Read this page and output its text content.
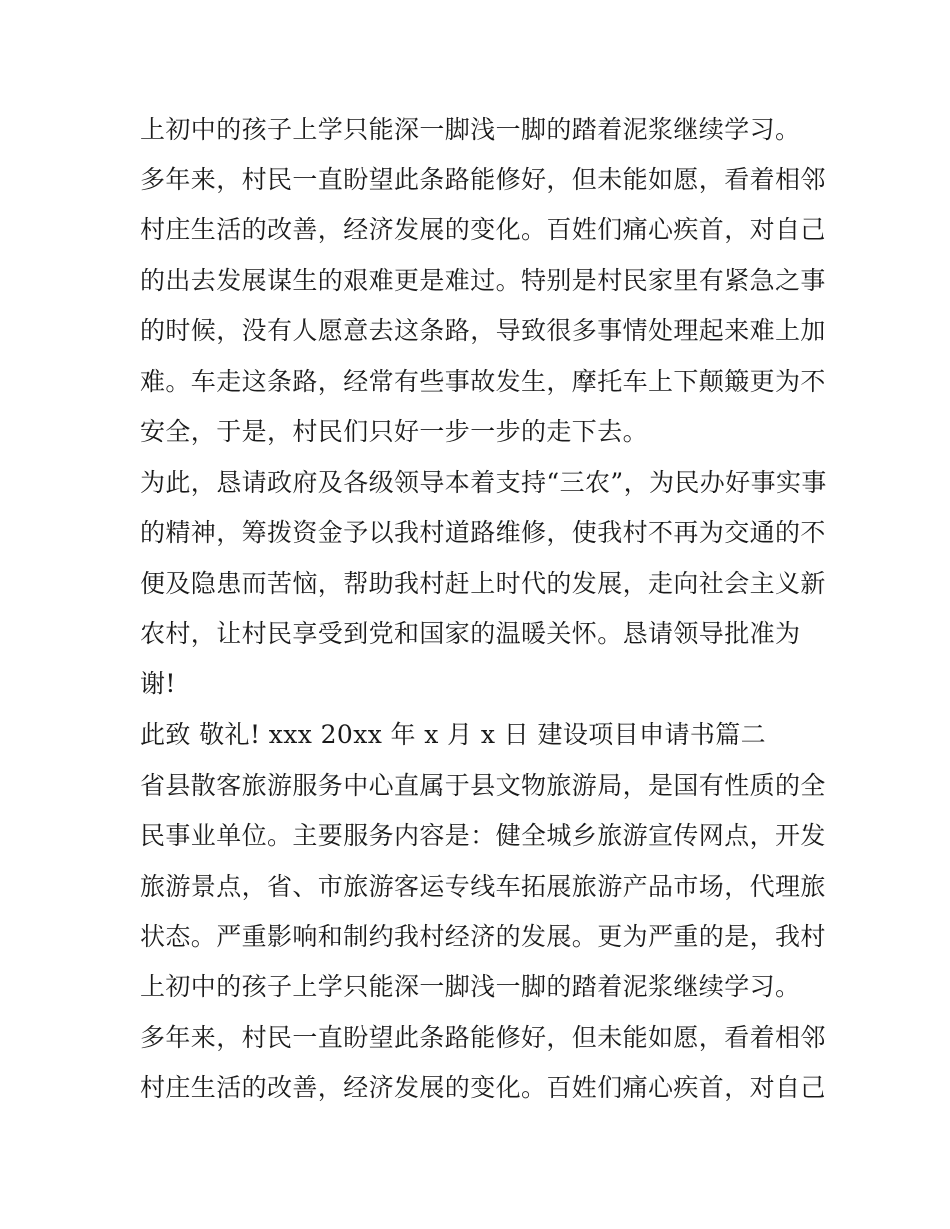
上初中的孩子上学只能深一脚浅一脚的踏着泥浆继续学习。
多年来，村民一直盼望此条路能修好，但未能如愿，看着相邻
村庄生活的改善，经济发展的变化。百姓们痛心疾首，对自己
的出去发展谋生的艰难更是难过。特别是村民家里有紧急之事
的时候，没有人愿意去这条路，导致很多事情处理起来难上加
难。车走这条路，经常有些事故发生，摩托车上下颠簸更为不
安全，于是，村民们只好一步一步的走下去。
为此，恳请政府及各级领导本着支持“三农”，为民办好事实事
的精神，筹拨资金予以我村道路维修，使我村不再为交通的不
便及隐患而苦恼，帮助我村赶上时代的发展，走向社会主义新
农村，让村民享受到党和国家的温暖关怀。恳请领导批准为
谢!
此致 敬礼! xxx 20xx 年 x 月 x 日 建设项目申请书篇二
省县散客旅游服务中心直属于县文物旅游局，是国有性质的全
民事业单位。主要服务内容是：健全城乡旅游宣传网点，开发
旅游景点，省、市旅游客运专线车拓展旅游产品市场，代理旅
状态。严重影响和制约我村经济的发展。更为严重的是，我村
上初中的孩子上学只能深一脚浅一脚的踏着泥浆继续学习。
多年来，村民一直盼望此条路能修好，但未能如愿，看着相邻
村庄生活的改善，经济发展的变化。百姓们痛心疾首，对自己
